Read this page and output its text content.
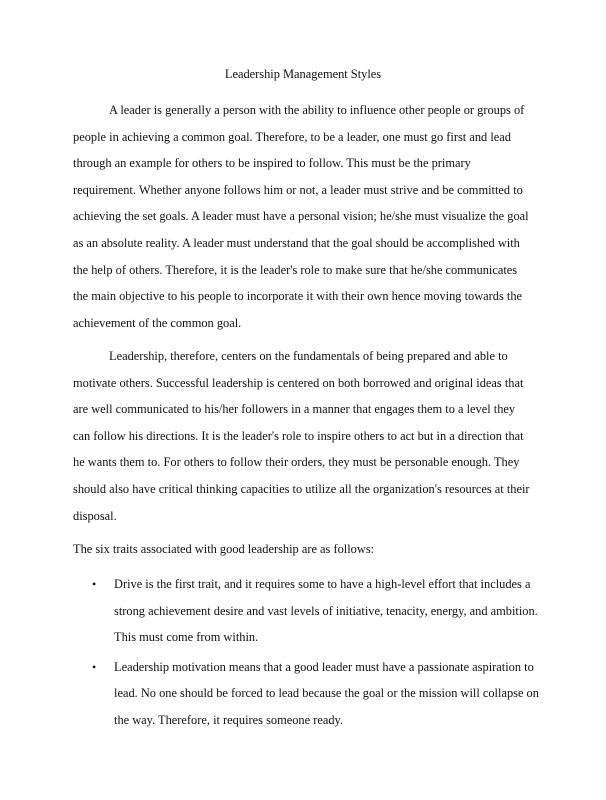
Leadership Management Styles

A leader is generally a person with the ability to influence other people or groups of people in achieving a common goal. Therefore, to be a leader, one must go first and lead through an example for others to be inspired to follow. This must be the primary requirement. Whether anyone follows him or not, a leader must strive and be committed to achieving the set goals. A leader must have a personal vision; he/she must visualize the goal as an absolute reality. A leader must understand that the goal should be accomplished with the help of others. Therefore, it is the leader's role to make sure that he/she communicates the main objective to his people to incorporate it with their own hence moving towards the achievement of the common goal.

Leadership, therefore, centers on the fundamentals of being prepared and able to motivate others. Successful leadership is centered on both borrowed and original ideas that are well communicated to his/her followers in a manner that engages them to a level they can follow his directions. It is the leader's role to inspire others to act but in a direction that he wants them to. For others to follow their orders, they must be personable enough. They should also have critical thinking capacities to utilize all the organization's resources at their disposal.

The six traits associated with good leadership are as follows:

• Drive is the first trait, and it requires some to have a high-level effort that includes a strong achievement desire and vast levels of initiative, tenacity, energy, and ambition. This must come from within.
• Leadership motivation means that a good leader must have a passionate aspiration to lead. No one should be forced to lead because the goal or the mission will collapse on the way. Therefore, it requires someone ready.
